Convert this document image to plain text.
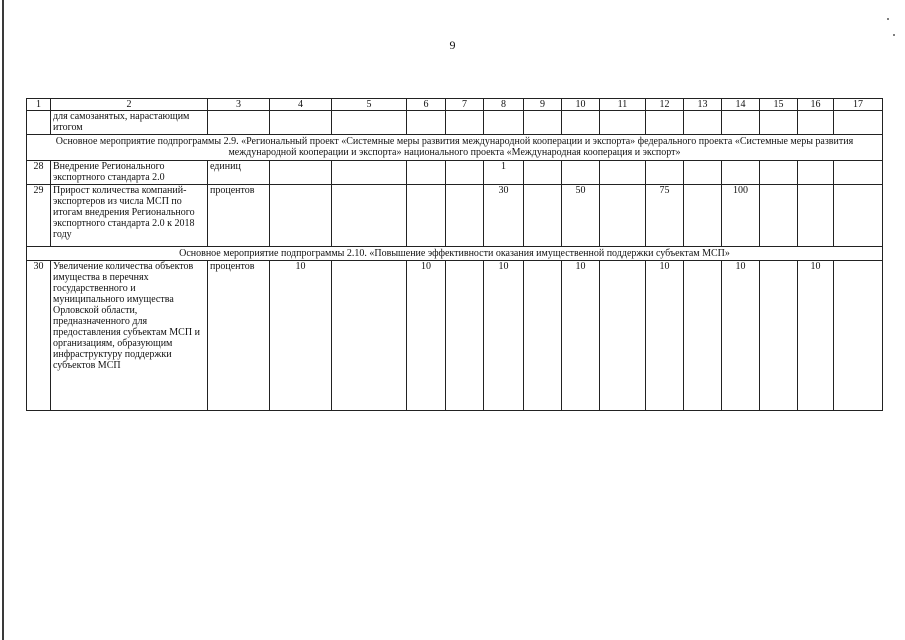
9
1	2	3	4	5	6	7	8	9	10	11	12	13	14	15	16	17
	для самозанятых, нарастающим итогом															
Основное мероприятие подпрограммы 2.9. «Региональный проект «Системные меры развития международной кооперации и экспорта» федерального проекта «Системные меры развития международной кооперации и экспорта» национального проекта «Международная кооперация и экспорт»																
28	Внедрение Регионального экспортного стандарта 2.0	единиц					1									
29	Прирост количества компаний-экспортеров из числа МСП по итогам внедрения Регионального экспортного стандарта 2.0 к 2018 году	процентов					30		50		75		100			
Основное мероприятие подпрограммы 2.10. «Повышение эффективности оказания имущественной поддержки субъектам МСП»																
30	Увеличение количества объектов имущества в перечнях государственного и муниципального имущества Орловской области, предназначенного для предоставления субъектам МСП и организациям, образующим инфраструктуру поддержки субъектов МСП	процентов	10		10		10		10		10		10		10	
